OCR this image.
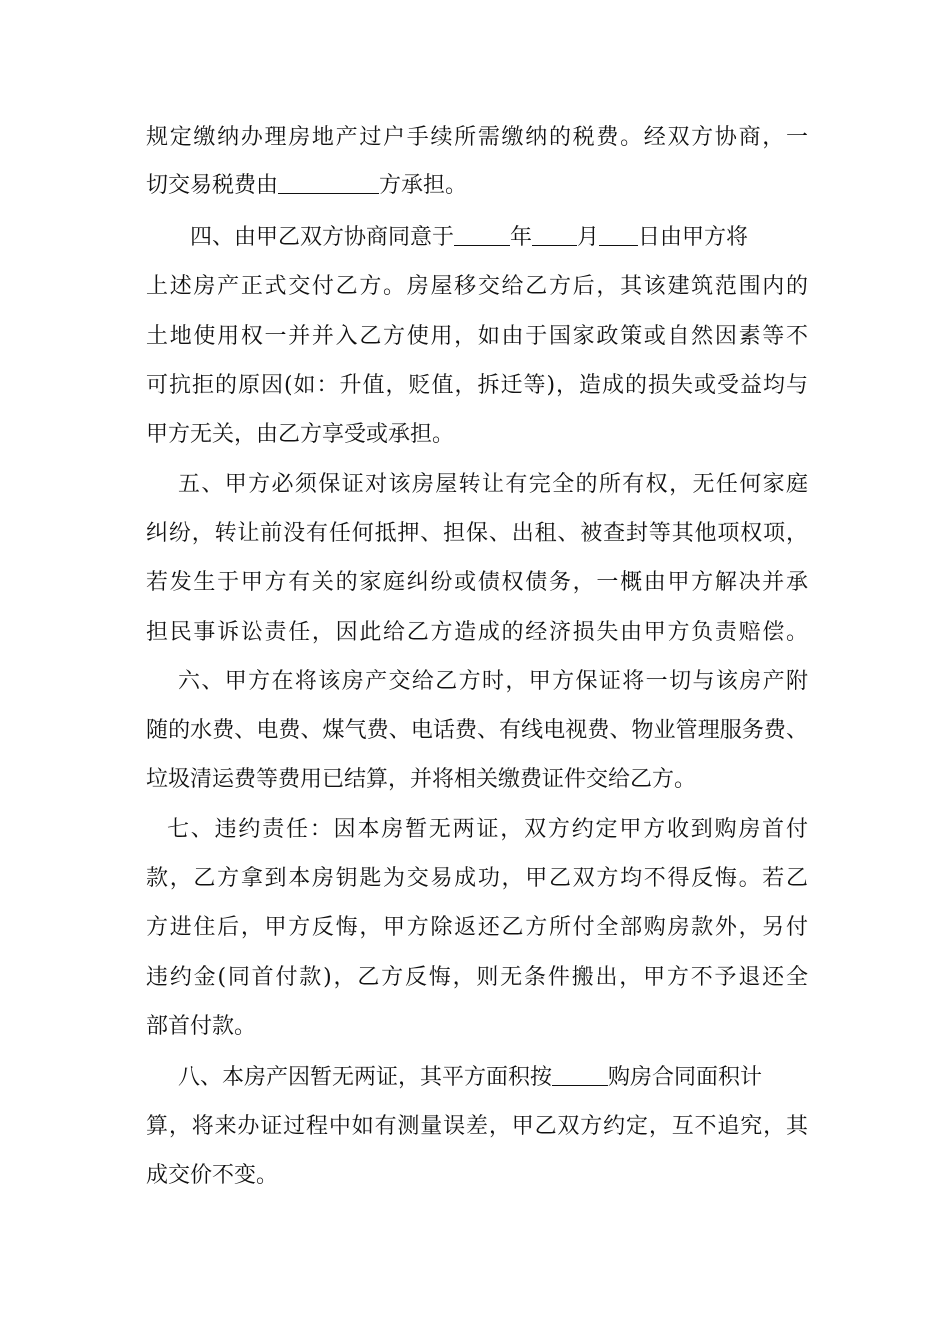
规定缴纳办理房地产过户手续所需缴纳的税费。经双方协商，一
切交易税费由	方承担。
四、由甲乙双方协商同意于	年 月 日由甲方将
上述房产正式交付乙方。房屋移交给乙方后，其该建筑范围内的
土地使用权一并并入乙方使用，如由于国家政策或自然因素等不
可抗拒的原因(如：升值，贬值，拆迁等)，造成的损失或受益均与
甲方无关，由乙方享受或承担。
五、甲方必须保证对该房屋转让有完全的所有权，无任何家庭
纠纷，转让前没有任何抵押、担保、出租、被查封等其他项权项，
若发生于甲方有关的家庭纠纷或债权债务，一概由甲方解决并承
担民事诉讼责任，因此给乙方造成的经济损失由甲方负责赔偿。
六、甲方在将该房产交给乙方时，甲方保证将一切与该房产附
随的水费、电费、煤气费、电话费、有线电视费、物业管理服务费、
垃圾清运费等费用已结算，并将相关缴费证件交给乙方。
七、违约责任：因本房暂无两证，双方约定甲方收到购房首付
款，乙方拿到本房钥匙为交易成功，甲乙双方均不得反悔。若乙
方进住后，甲方反悔，甲方除返还乙方所付全部购房款外，另付
违约金(同首付款)，乙方反悔，则无条件搬出，甲方不予退还全
部首付款。
八、本房产因暂无两证，其平方面积按	购房合同面积计
算，将来办证过程中如有测量误差，甲乙双方约定，互不追究，其
成交价不变。
